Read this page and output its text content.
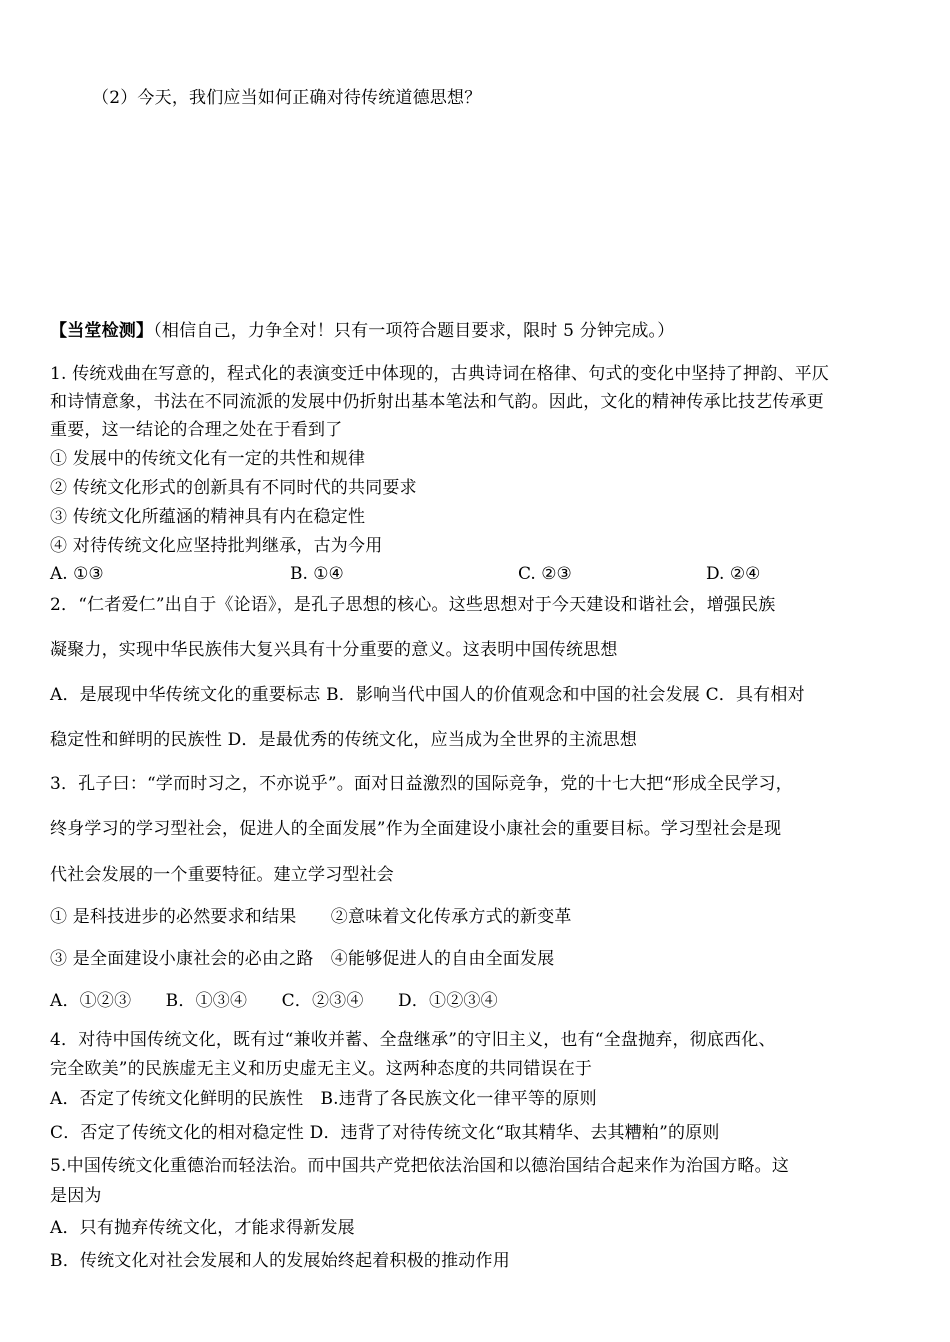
（2）今天，我们应当如何正确对待传统道德思想？
【当堂检测】（相信自己，力争全对！只有一项符合题目要求，限时 5 分钟完成。）
1. 传统戏曲在写意的，程式化的表演变迁中体现的，古典诗词在格律、句式的变化中坚持了押韵、平仄
和诗情意象，书法在不同流派的发展中仍折射出基本笔法和气韵。因此，文化的精神传承比技艺传承更
重要，这一结论的合理之处在于看到了
① 发展中的传统文化有一定的共性和规律
② 传统文化形式的创新具有不同时代的共同要求
③ 传统文化所蕴涵的精神具有内在稳定性
④ 对待传统文化应坚持批判继承，古为今用
A. ①③	B. ①④	C. ②③	D. ②④
2．“仁者爱仁”出自于《论语》，是孔子思想的核心。这些思想对于今天建设和谐社会，增强民族
凝聚力，实现中华民族伟大复兴具有十分重要的意义。这表明中国传统思想
A．是展现中华传统文化的重要标志 B．影响当代中国人的价值观念和中国的社会发展 C．具有相对
稳定性和鲜明的民族性 D．是最优秀的传统文化，应当成为全世界的主流思想
3．孔子曰：“学而时习之，不亦说乎”。面对日益激烈的国际竞争，党的十七大把“形成全民学习，
终身学习的学习型社会，促进人的全面发展”作为全面建设小康社会的重要目标。学习型社会是现
代社会发展的一个重要特征。建立学习型社会
① 是科技进步的必然要求和结果　　②意味着文化传承方式的新变革
③ 是全面建设小康社会的必由之路　④能够促进人的自由全面发展
A．①②③　　B．①③④　　C．②③④　　D．①②③④
4．对待中国传统文化，既有过“兼收并蓄、全盘继承”的守旧主义，也有“全盘抛弃，彻底西化、
完全欧美”的民族虚无主义和历史虚无主义。这两种态度的共同错误在于
A．否定了传统文化鲜明的民族性　B.违背了各民族文化一律平等的原则
C．否定了传统文化的相对稳定性 D．违背了对待传统文化“取其精华、去其糟粕”的原则
5.中国传统文化重德治而轻法治。而中国共产党把依法治国和以德治国结合起来作为治国方略。这
是因为
A．只有抛弃传统文化，才能求得新发展
B．传统文化对社会发展和人的发展始终起着积极的推动作用
